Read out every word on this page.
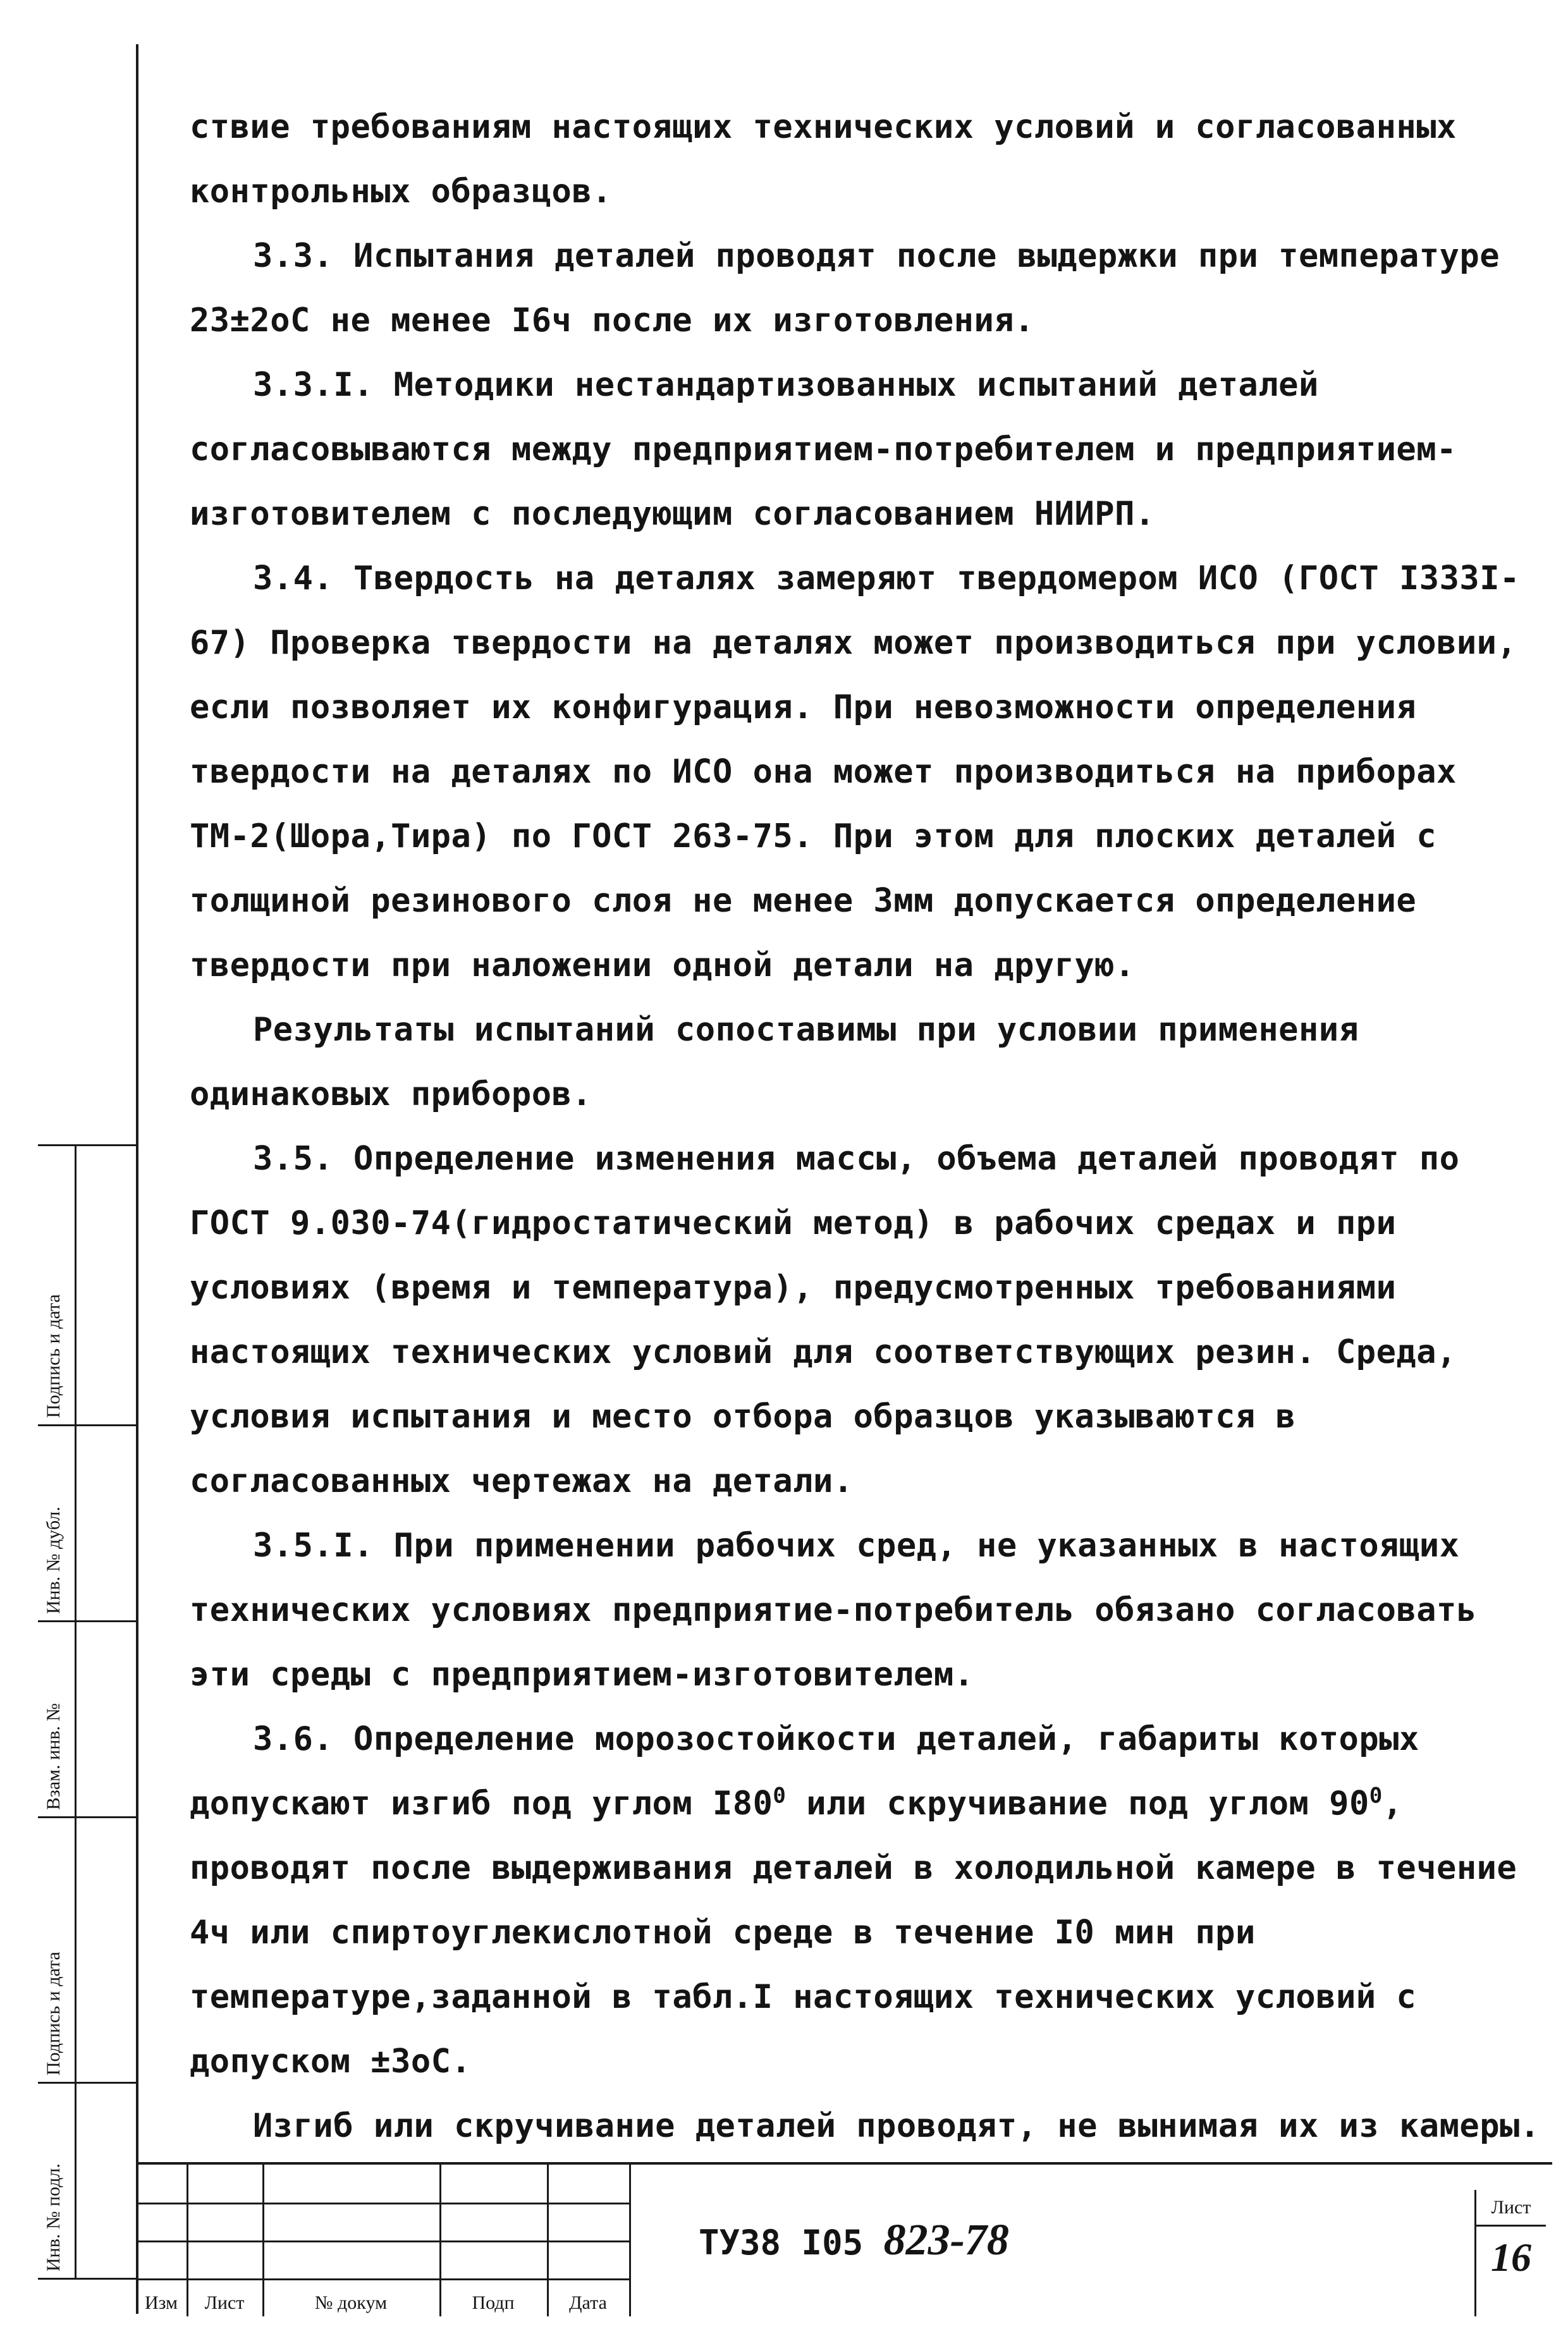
ствие требованиям настоящих технических условий и согласованных контрольных образцов.

3.3. Испытания деталей проводят после выдержки при температуре 23±2оС не менее I6ч после их изготовления.

3.3.I. Методики нестандартизованных испытаний деталей согласовываются между предприятием-потребителем и предприятием-изготовителем с последующим согласованием НИИРП.

3.4. Твердость на деталях замеряют твердомером ИСО (ГОСТ I333I-67) Проверка твердости на деталях может производиться при условии, если позволяет их конфигурация. При невозможности определения твердости на деталях по ИСО она может производиться на приборах ТМ-2(Шора,Тира) по ГОСТ 263-75. При этом для плоских деталей с толщиной резинового слоя не менее 3мм допускается определение твердости при наложении одной детали на другую.

Результаты испытаний сопоставимы при условии применения одинаковых приборов.

3.5. Определение изменения массы, объема деталей проводят по ГОСТ 9.030-74(гидростатический метод) в рабочих средах и при условиях (время и температура), предусмотренных требованиями настоящих технических условий для соответствующих резин. Среда, условия испытания и место отбора образцов указываются в согласованных чертежах на детали.

3.5.I. При применении рабочих сред, не указанных в настоящих технических условиях предприятие-потребитель обязано согласовать эти среды с предприятием-изготовителем.

3.6. Определение морозостойкости деталей, габариты которых допускают изгиб под углом $I80^0$ или скручивание под углом $90^0$, проводят после выдерживания деталей в холодильной камере в течение 4ч или спиртоуглекислотной среде в течение I0 мин при температуре,заданной в табл.I настоящих технических условий с допуском ±3оС.

Изгиб или скручивание деталей проводят, не вынимая их из камеры.

Подпись и дата
Инв. № дубл.
Взам. инв. №
Подпись и дата
Инв. № подл.
Изм	Лист	№ докум	Подп	Дата
ТУ38 I05 823-78
Лист
16
